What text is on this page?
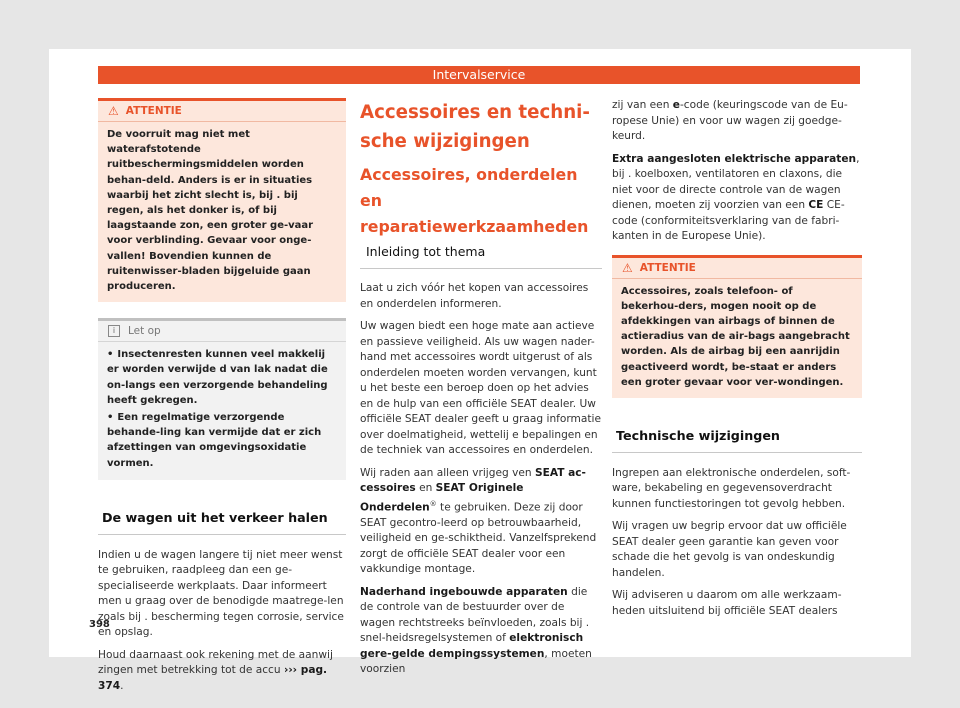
Intervalservice
⚠ ATTENTIE
De voorruit mag niet met waterafstotende ruitbeschermingsmiddelen worden behan-deld. Anders is er in situaties waarbij het zicht slecht is, bij . bij regen, als het donker is, of bij laagstaande zon, een groter ge-vaar voor verblinding. Gevaar voor onge-vallen! Bovendien kunnen de ruitenwisser-bladen bijgeluide gaan produceren.
i	Let op
• Insectenresten kunnen veel makkelij er worden verwijde d van lak nadat die on-langs een verzorgende behandeling heeft gekregen.
• Een regelmatige verzorgende behande-ling kan vermijde dat er zich afzettingen van omgevingsoxidatie vormen.
De wagen uit het verkeer halen

Indien u de wagen langere tij niet meer wenst te gebruiken, raadpleeg dan een ge-specialiseerde werkplaats. Daar informeert men u graag over de benodigde maatrege-len zoals bij . bescherming tegen corrosie, service en opslag.

Houd daarnaast ook rekening met de aanwij zingen met betrekking tot de accu ››› pag. 374.

Accessoires en techni-sche wijzigingen
Accessoires, onderdelen en reparatiewerkzaamheden
Inleiding tot thema

Laat u zich vóór het kopen van accessoires en onderdelen informeren.

Uw wagen biedt een hoge mate aan actieve en passieve veiligheid. Als uw wagen nader-hand met accessoires wordt uitgerust of als onderdelen moeten worden vervangen, kunt u het beste een beroep doen op het advies en de hulp van een officiële SEAT dealer. Uw officiële SEAT dealer geeft u graag informatie over doelmatigheid, wettelij e bepalingen en de techniek van accessoires en onderdelen.

Wij raden aan alleen vrijgeg ven SEAT ac-cessoires en SEAT Originele Onderdelen® te gebruiken. Deze zij door SEAT gecontro-leerd op betrouwbaarheid, veiligheid en ge-schiktheid. Vanzelfsprekend zorgt de officiële SEAT dealer voor een vakkundige montage.

Naderhand ingebouwde apparaten die de controle van de bestuurder over de wagen rechtstreeks beïnvloeden, zoals bij . snel-heidsregelsystemen of elektronisch gere-gelde dempingssystemen, moeten voorzien

zij van een e-code (keuringscode van de Eu-ropese Unie) en voor uw wagen zij goedge-keurd.

Extra aangesloten elektrische apparaten, bij . koelboxen, ventilatoren en claxons, die niet voor de directe controle van de wagen dienen, moeten zij voorzien van een CE CE-code (conformiteitsverklaring van de fabri-kanten in de Europese Unie).

⚠ ATTENTIE
Accessoires, zoals telefoon- of bekerhou-ders, mogen nooit op de afdekkingen van airbags of binnen de actieradius van de air-bags aangebracht worden. Als de airbag bij een aanrijdin geactiveerd wordt, be-staat er anders een groter gevaar voor ver-wondingen.
Technische wijzigingen

Ingrepen aan elektronische onderdelen, soft-ware, bekabeling en gegevensoverdracht kunnen functiestoringen tot gevolg hebben.

Wij vragen uw begrip ervoor dat uw officiële SEAT dealer geen garantie kan geven voor schade die het gevolg is van ondeskundig handelen.

Wij adviseren u daarom om alle werkzaam-heden uitsluitend bij officiële SEAT dealers

398
